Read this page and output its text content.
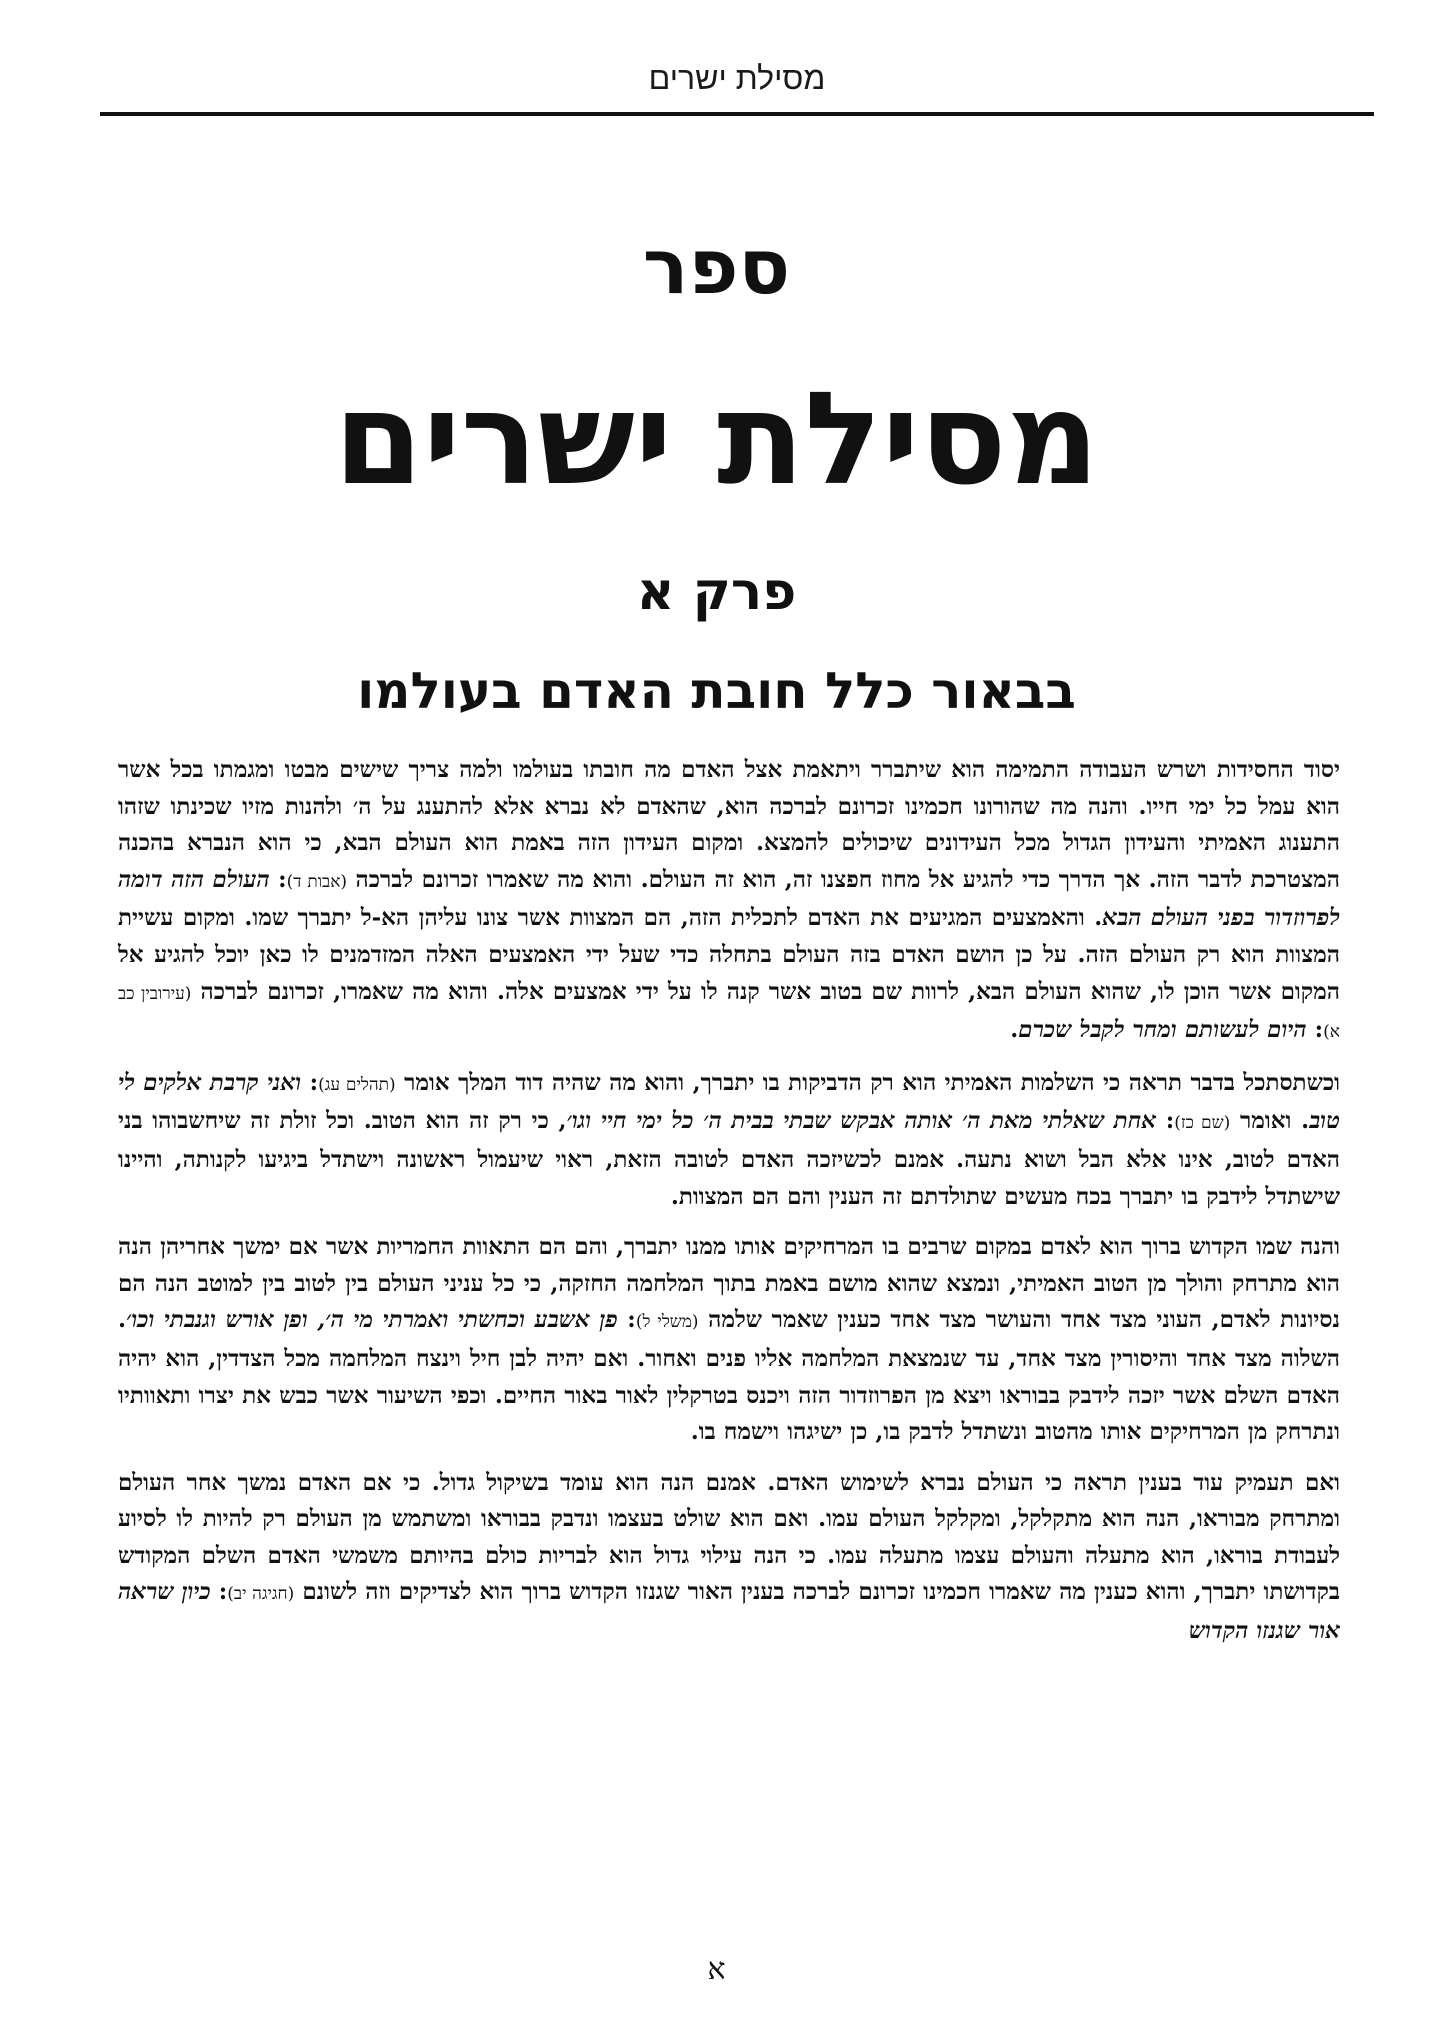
מסילת ישרים
ספר
מסילת ישרים
פרק א
בבאור כלל חובת האדם בעולמו

יסוד החסידות ושרש העבודה התמימה הוא שיתברר ויתאמת אצל האדם מה חובתו בעולמו ולמה צריך שישים מבטו ומגמתו בכל אשר הוא עמל כל ימי חייו. והנה מה שהורונו חכמינו זכרונם לברכה הוא, שהאדם לא נברא אלא להתענג על ה׳ ולהנות מזיו שכינתו שזהו התענוג האמיתי והעידון הגדול מכל העידונים שיכולים להמצא. ומקום העידון הזה באמת הוא העולם הבא, כי הוא הנברא בהכנה המצטרכת לדבר הזה. אך הדרך כדי להגיע אל מחוז חפצנו זה, הוא זה העולם. והוא מה שאמרו זכרונם לברכה (אבות ד): העולם הזה דומה לפרוזדור בפני העולם הבא. והאמצעים המגיעים את האדם לתכלית הזה, הם המצוות אשר צונו עליהן הא-ל יתברך שמו. ומקום עשיית המצוות הוא רק העולם הזה. על כן הושם האדם בזה העולם בתחלה כדי שעל ידי האמצעים האלה המזדמנים לו כאן יוכל להגיע אל המקום אשר הוכן לו, שהוא העולם הבא, לרוות שם בטוב אשר קנה לו על ידי אמצעים אלה. והוא מה שאמרו, זכרונם לברכה (עירובין כב א): היום לעשותם ומחר לקבל שכרם.

וכשתסתכל בדבר תראה כי השלמות האמיתי הוא רק הדביקות בו יתברך, והוא מה שהיה דוד המלך אומר (תהלים עג): ואני קרבת אלקים לי טוב. ואומר (שם כז): אחת שאלתי מאת ה׳ אותה אבקש שבתי בבית ה׳ כל ימי חיי וגו׳, כי רק זה הוא הטוב. וכל זולת זה שיחשבוהו בני האדם לטוב, אינו אלא הבל ושוא נתעה. אמנם לכשיזכה האדם לטובה הזאת, ראוי שיעמול ראשונה וישתדל ביגיעו לקנותה, והיינו שישתדל לידבק בו יתברך בכח מעשים שתולדתם זה הענין והם הם המצוות.

והנה שמו הקדוש ברוך הוא לאדם במקום שרבים בו המרחיקים אותו ממנו יתברך, והם הם התאוות החמריות אשר אם ימשך אחריהן הנה הוא מתרחק והולך מן הטוב האמיתי, ונמצא שהוא מושם באמת בתוך המלחמה החזקה, כי כל עניני העולם בין לטוב בין למוטב הנה הם נסיונות לאדם, העוני מצד אחד והעושר מצד אחד כענין שאמר שלמה (משלי ל): פן אשבע וכחשתי ואמרתי מי ה׳, ופן אורש וגנבתי וכו׳. השלוה מצד אחד והיסורין מצד אחד, עד שנמצאת המלחמה אליו פנים ואחור. ואם יהיה לבן חיל וינצח המלחמה מכל הצדדין, הוא יהיה האדם השלם אשר יזכה לידבק בבוראו ויצא מן הפרוזדור הזה ויכנס בטרקלין לאור באור החיים. וכפי השיעור אשר כבש את יצרו ותאוותיו ונתרחק מן המרחיקים אותו מהטוב ונשתדל לדבק בו, כן ישיגהו וישמח בו.

ואם תעמיק עוד בענין תראה כי העולם נברא לשימוש האדם. אמנם הנה הוא עומד בשיקול גדול. כי אם האדם נמשך אחר העולם ומתרחק מבוראו, הנה הוא מתקלקל, ומקלקל העולם עמו. ואם הוא שולט בעצמו ונדבק בבוראו ומשתמש מן העולם רק להיות לו לסיוע לעבודת בוראו, הוא מתעלה והעולם עצמו מתעלה עמו. כי הנה עילוי גדול הוא לבריות כולם בהיותם משמשי האדם השלם המקודש בקדושתו יתברך, והוא כענין מה שאמרו חכמינו זכרונם לברכה בענין האור שגנזו הקדוש ברוך הוא לצדיקים וזה לשונם (חגיגה יב): כיון שראה אור שגנזו הקדוש

א
